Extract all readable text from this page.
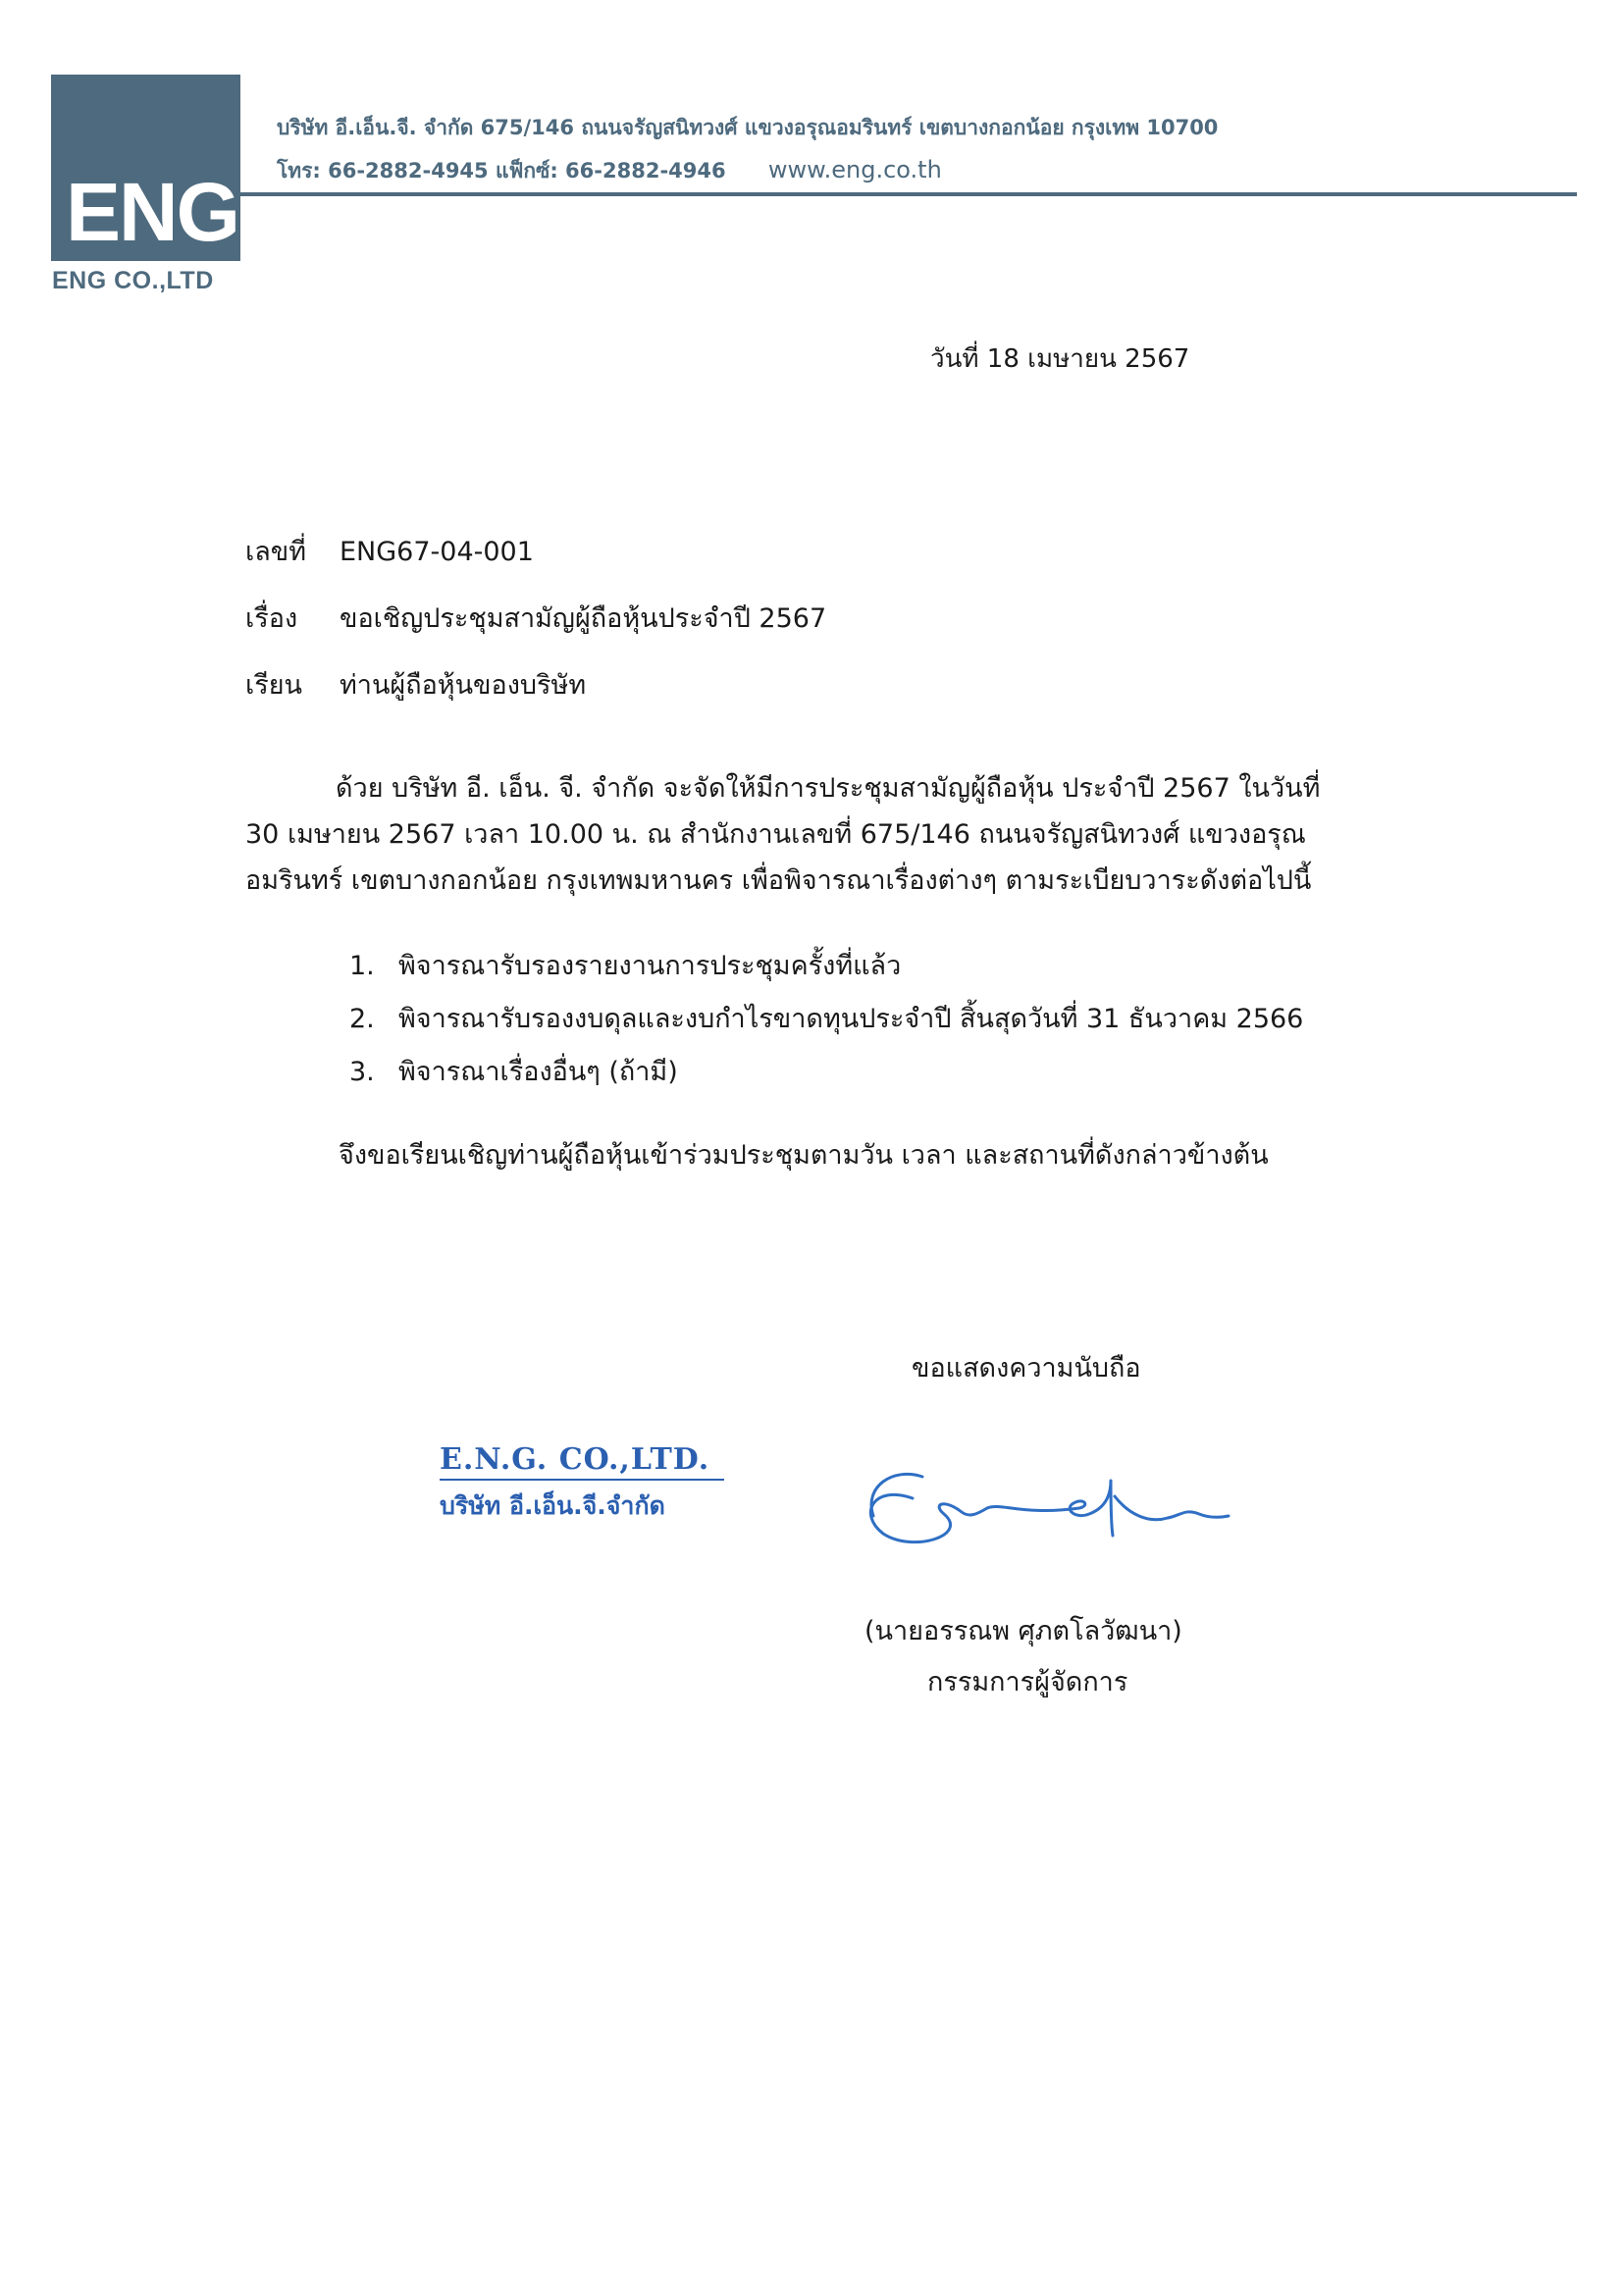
ENG
ENG CO.,LTD
บริษัท อี.เอ็น.จี. จำกัด 675/146 ถนนจรัญสนิทวงศ์ แขวงอรุณอมรินทร์ เขตบางกอกน้อย กรุงเทพ 10700
โทร: 66-2882-4945 แฟ็กซ์: 66-2882-4946 www.eng.co.th
วันที่ 18 เมษายน 2567
เลขที่ ENG67-04-001
เรื่อง ขอเชิญประชุมสามัญผู้ถือหุ้นประจำปี 2567
เรียน ท่านผู้ถือหุ้นของบริษัท
ด้วย บริษัท อี. เอ็น. จี. จำกัด จะจัดให้มีการประชุมสามัญผู้ถือหุ้น ประจำปี 2567 ในวันที่
30 เมษายน 2567 เวลา 10.00 น. ณ สำนักงานเลขที่ 675/146 ถนนจรัญสนิทวงศ์ แขวงอรุณ
อมรินทร์ เขตบางกอกน้อย กรุงเทพมหานคร เพื่อพิจารณาเรื่องต่างๆ ตามระเบียบวาระดังต่อไปนี้
1. พิจารณารับรองรายงานการประชุมครั้งที่แล้ว
2. พิจารณารับรองงบดุลและงบกำไรขาดทุนประจำปี สิ้นสุดวันที่ 31 ธันวาคม 2566
3. พิจารณาเรื่องอื่นๆ (ถ้ามี)
จึงขอเรียนเชิญท่านผู้ถือหุ้นเข้าร่วมประชุมตามวัน เวลา และสถานที่ดังกล่าวข้างต้น
ขอแสดงความนับถือ
E.N.G. CO.,LTD.
บริษัท อี.เอ็น.จี.จำกัด
(นายอรรณพ ศุภตโลวัฒนา)
กรรมการผู้จัดการ
